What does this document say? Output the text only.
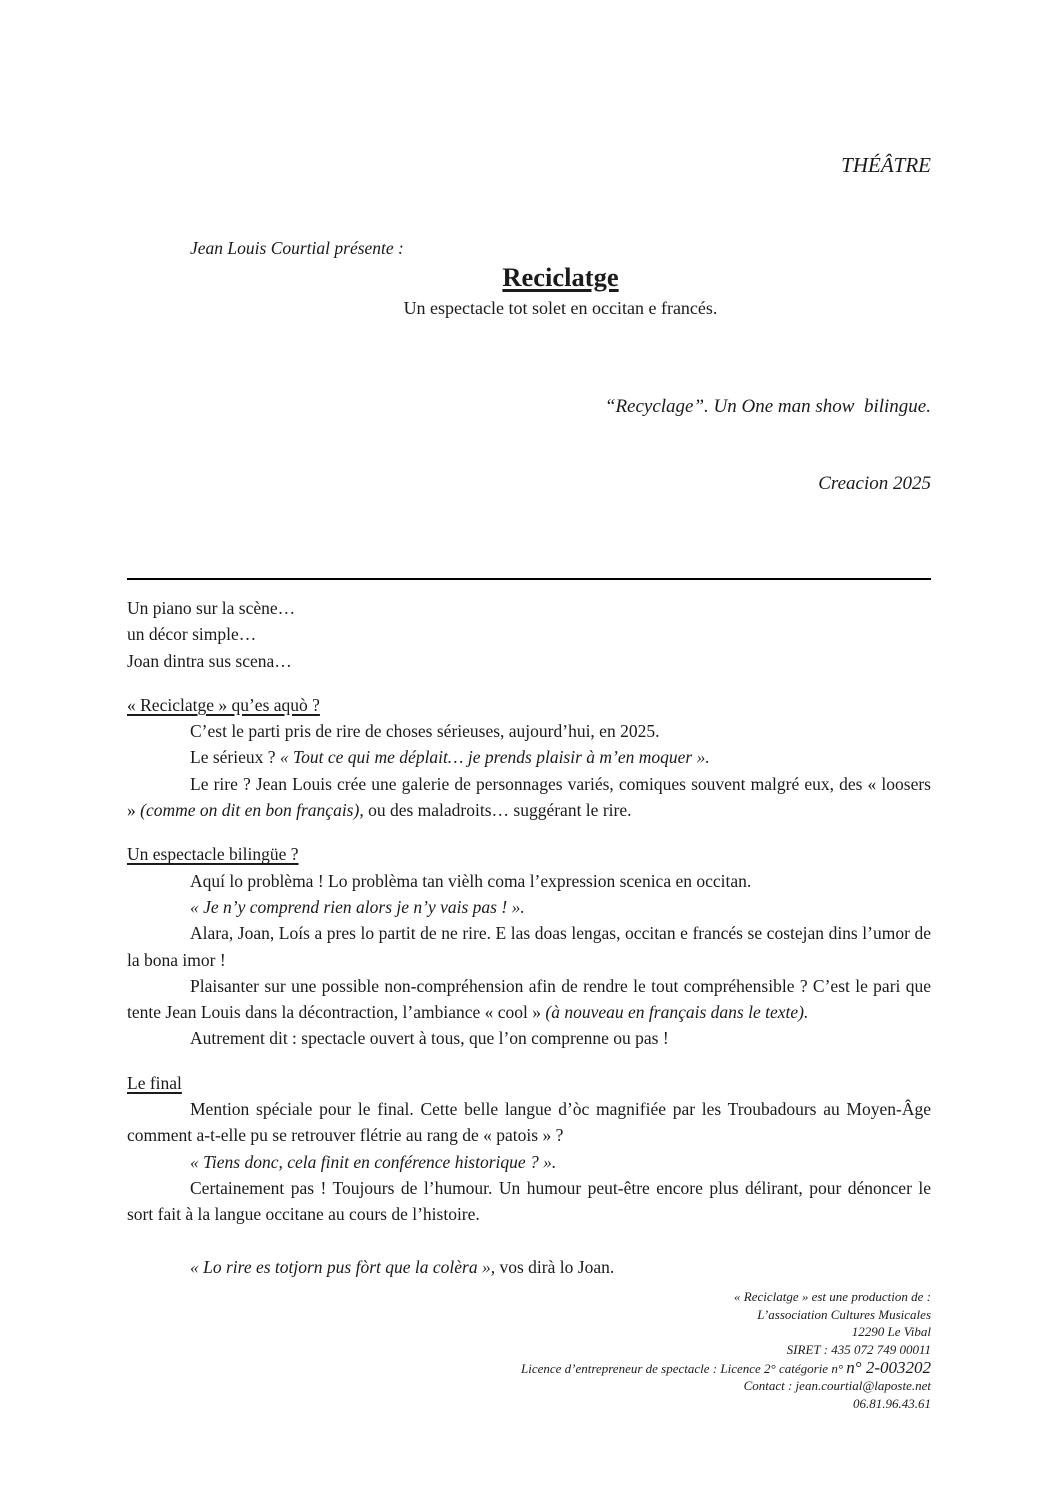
THÉÂTRE
Jean Louis Courtial présente :
Reciclatge
Un espectacle tot solet en occitan e francés.

“Recyclage”. Un One man show  bilingue.

Creacion 2025

Un piano sur la scène…

un décor simple…

Joan dintra sus scena…

« Reciclatge » qu’es aquò ?

C’est le parti pris de rire de choses sérieuses, aujourd’hui, en 2025.

Le sérieux ? « Tout ce qui me déplait… je prends plaisir à m’en moquer ».

Le rire ? Jean Louis crée une galerie de personnages variés, comiques souvent malgré eux, des « loosers » (comme on dit en bon français), ou des maladroits… suggérant le rire.

Un espectacle bilingüe ?

Aquí lo problèma ! Lo problèma tan vièlh coma l’expression scenica en occitan.

« Je n’y comprend rien alors je n’y vais pas ! ».

Alara, Joan, Loís a pres lo partit de ne rire. E las doas lengas, occitan e francés se costejan dins l’umor de la bona imor !

Plaisanter sur une possible non-compréhension afin de rendre le tout compréhensible ? C’est le pari que tente Jean Louis dans la décontraction, l’ambiance « cool » (à nouveau en français dans le texte).

Autrement dit : spectacle ouvert à tous, que l’on comprenne ou pas !

Le final

Mention spéciale pour le final. Cette belle langue d’òc magnifiée par les Troubadours au Moyen-Âge comment a-t-elle pu se retrouver flétrie au rang de « patois » ?

« Tiens donc, cela finit en conférence historique ? ».

Certainement pas ! Toujours de l’humour. Un humour peut-être encore plus délirant, pour dénoncer le sort fait à la langue occitane au cours de l’histoire.

« Lo rire es totjorn pus fòrt que la colèra », vos dirà lo Joan.

« Reciclatge » est une production de :
L’association Cultures Musicales
12290 Le Vibal
SIRET : 435 072 749 00011
Licence d’entrepreneur de spectacle : Licence 2° catégorie n° n° 2-003202
Contact : jean.courtial@laposte.net
06.81.96.43.61
